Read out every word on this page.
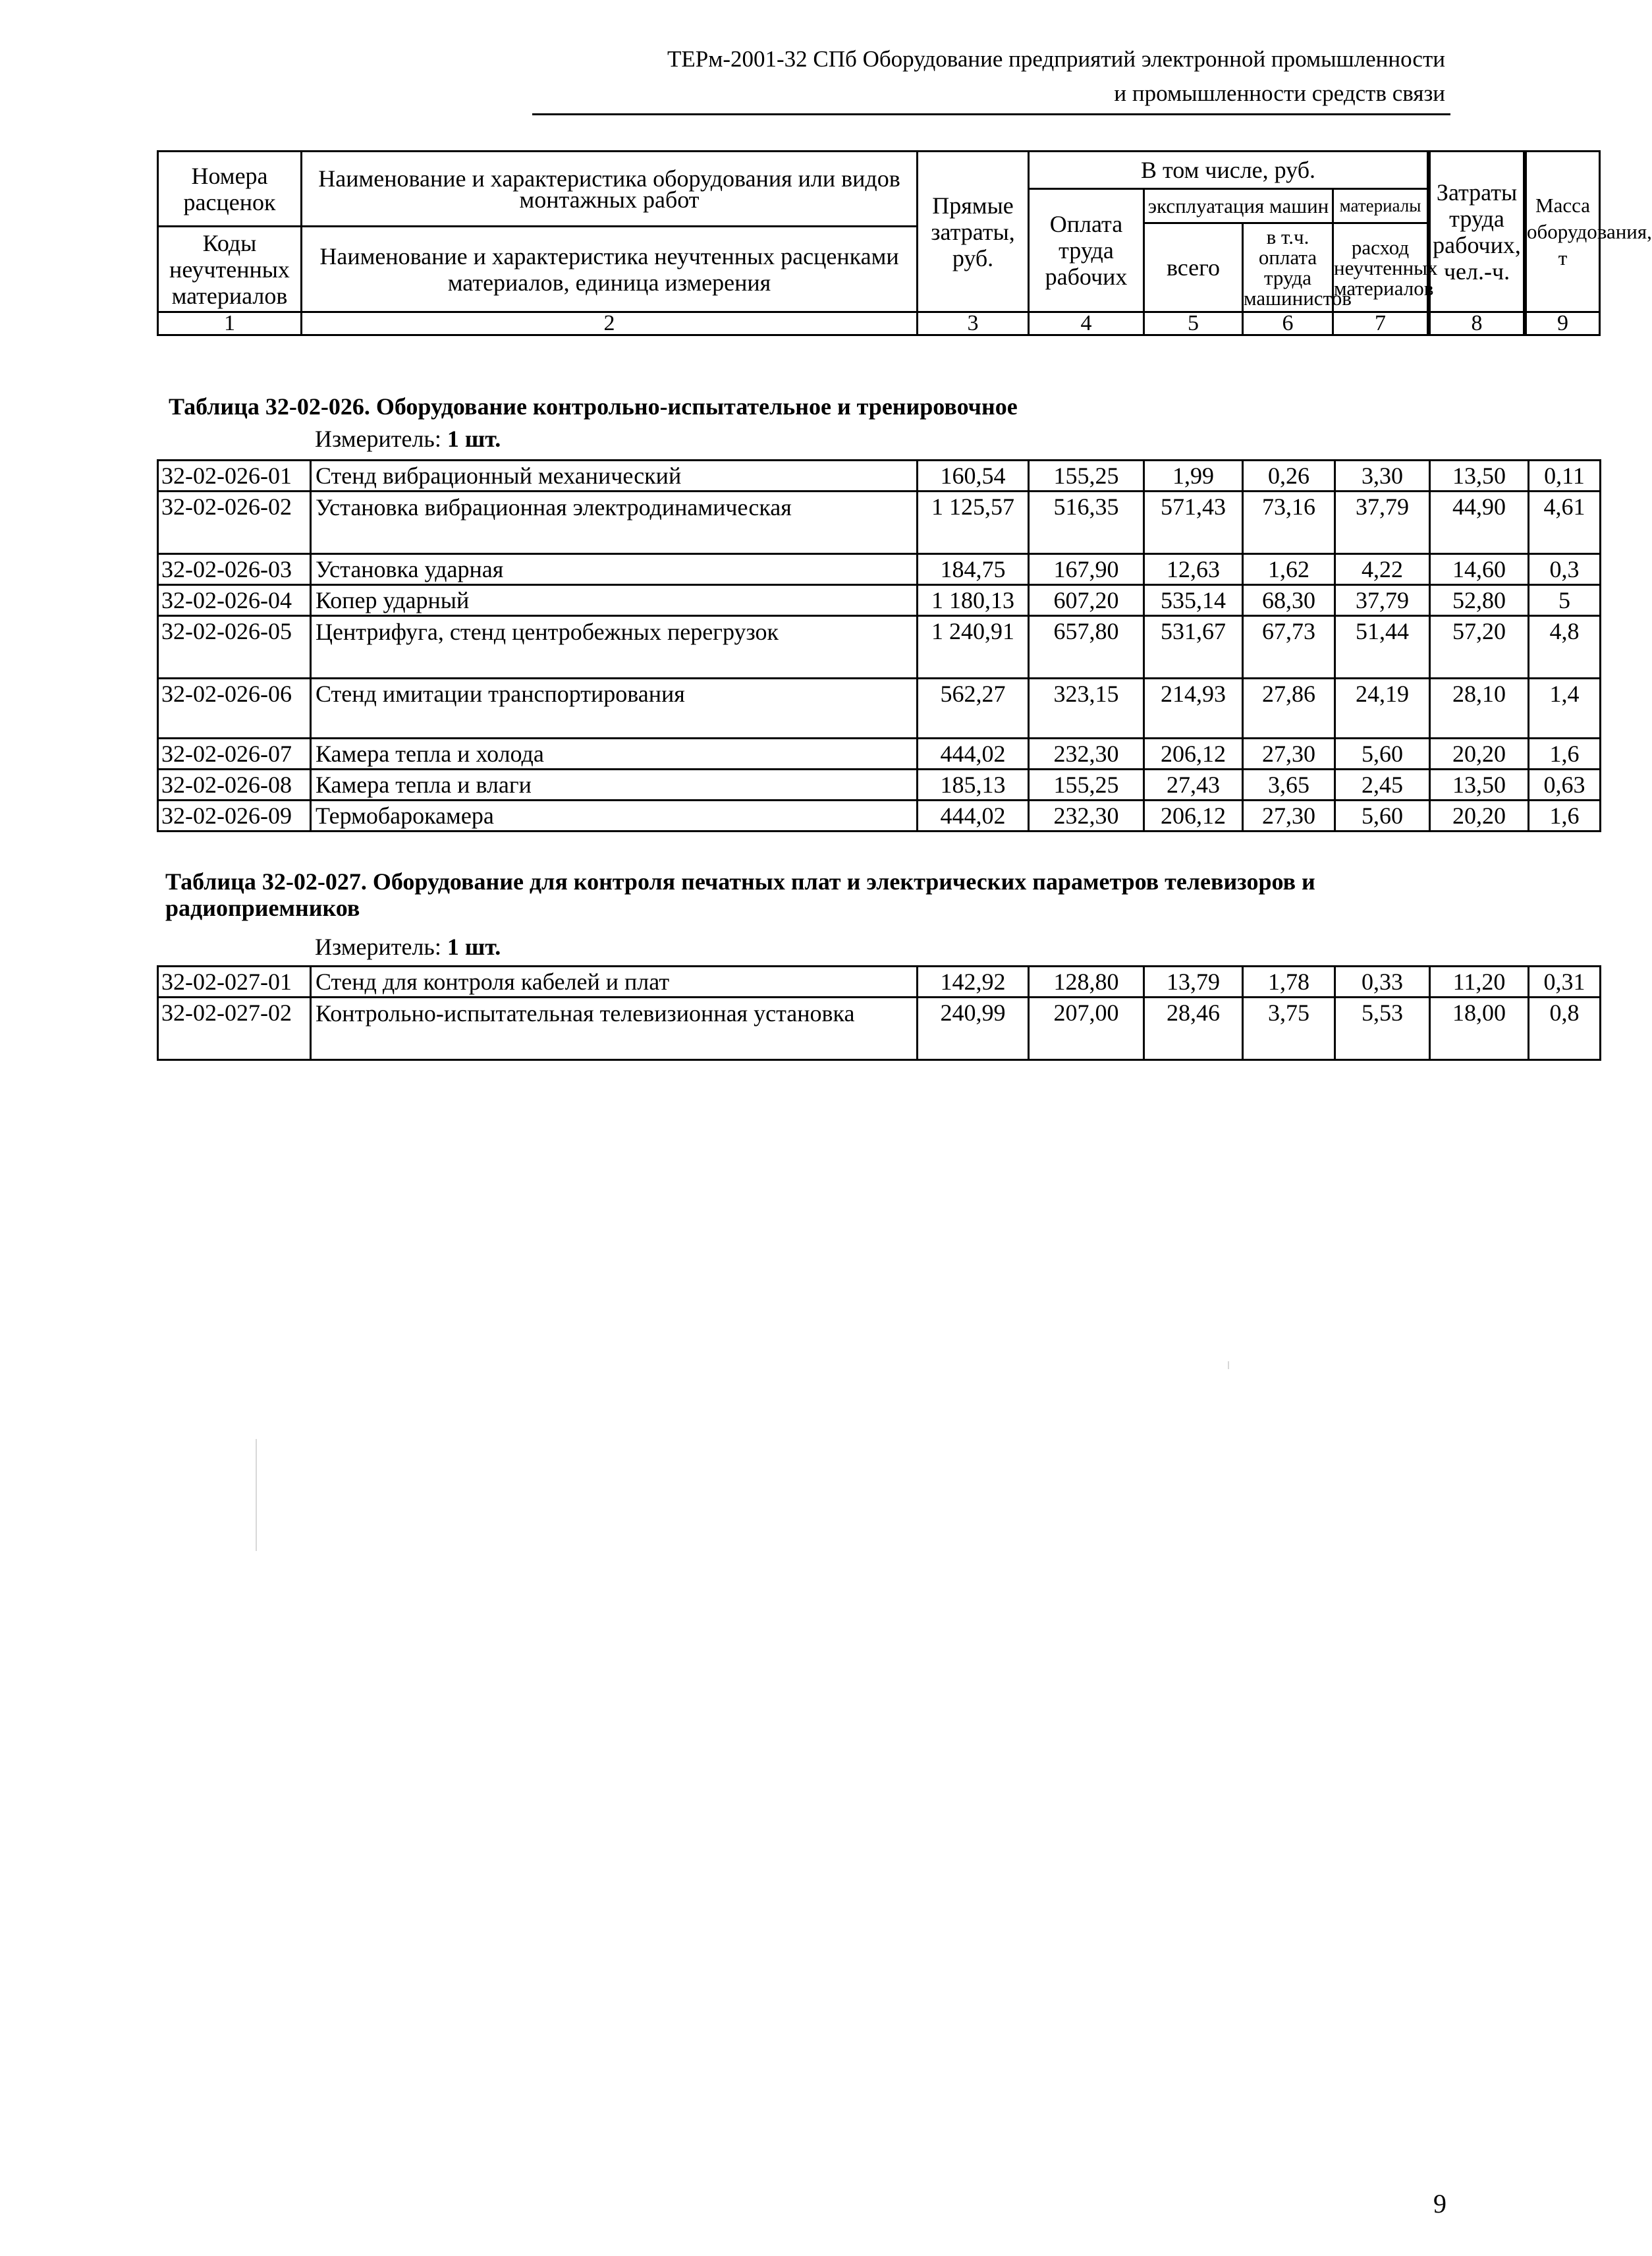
ТЕРм-2001-32 СПб Оборудование предприятий электронной промышленности
и промышленности средств связи
Номера расценок	Наименование и характеристика оборудования или видов монтажных работ	Прямые затраты, руб.	В том числе, руб.					Затраты труда рабочих, чел.-ч.		Масса оборудования, т
			Оплата труда рабочих	эксплуатация машин		материалы				
				всего	в т.ч. оплата труда машинистов	расход неучтенных материалов				
Коды неучтенных материалов	Наименование и характеристика неучтенных расценками материалов, единица измерения									

1	2	3	4	5	6	7		8		9
Таблица 32-02-026. Оборудование контрольно-испытательное и тренировочное
Измеритель: 1 шт.
32-02-026-01	Стенд вибрационный механический	160,54	155,25	1,99	0,26	3,30	13,50	0,11
32-02-026-02	Установка вибрационная электродинамическая	1 125,57	516,35	571,43	73,16	37,79	44,90	4,61
32-02-026-03	Установка ударная	184,75	167,90	12,63	1,62	4,22	14,60	0,3
32-02-026-04	Копер ударный	1 180,13	607,20	535,14	68,30	37,79	52,80	5
32-02-026-05	Центрифуга, стенд центробежных перегрузок	1 240,91	657,80	531,67	67,73	51,44	57,20	4,8
32-02-026-06	Стенд имитации транспортирования	562,27	323,15	214,93	27,86	24,19	28,10	1,4
32-02-026-07	Камера тепла и холода	444,02	232,30	206,12	27,30	5,60	20,20	1,6
32-02-026-08	Камера тепла и влаги	185,13	155,25	27,43	3,65	2,45	13,50	0,63
32-02-026-09	Термобарокамера	444,02	232,30	206,12	27,30	5,60	20,20	1,6
Таблица 32-02-027. Оборудование для контроля печатных плат и электрических параметров телевизоров и радиоприемников
Измеритель: 1 шт.
32-02-027-01	Стенд для контроля кабелей и плат	142,92	128,80	13,79	1,78	0,33	11,20	0,31
32-02-027-02	Контрольно-испытательная телевизионная установка	240,99	207,00	28,46	3,75	5,53	18,00	0,8
9
